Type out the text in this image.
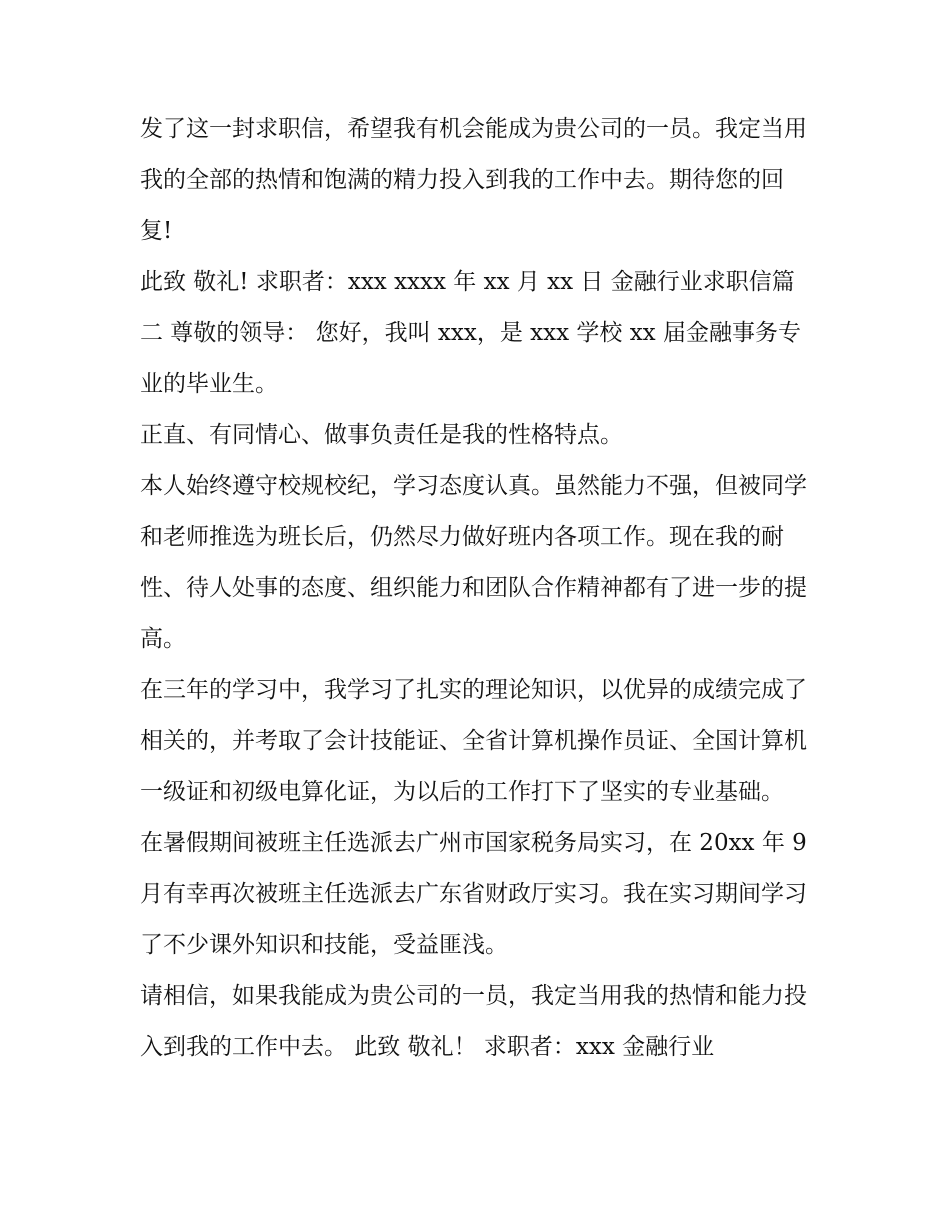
发了这一封求职信，希望我有机会能成为贵公司的一员。我定当用我的全部的热情和饱满的精力投入到我的工作中去。期待您的回复!

此致 敬礼! 求职者：xxx xxxx 年 xx 月 xx 日 金融行业求职信篇二 尊敬的领导： 您好，我叫 xxx，是 xxx 学校 xx 届金融事务专业的毕业生。

正直、有同情心、做事负责任是我的性格特点。

本人始终遵守校规校纪，学习态度认真。虽然能力不强，但被同学和老师推选为班长后，仍然尽力做好班内各项工作。现在我的耐性、待人处事的态度、组织能力和团队合作精神都有了进一步的提高。

在三年的学习中，我学习了扎实的理论知识，以优异的成绩完成了相关的，并考取了会计技能证、全省计算机操作员证、全国计算机一级证和初级电算化证，为以后的工作打下了坚实的专业基础。

在暑假期间被班主任选派去广州市国家税务局实习，在 20xx 年 9 月有幸再次被班主任选派去广东省财政厅实习。我在实习期间学习了不少课外知识和技能，受益匪浅。

请相信，如果我能成为贵公司的一员，我定当用我的热情和能力投入到我的工作中去。 此致 敬礼！ 求职者：xxx 金融行业
